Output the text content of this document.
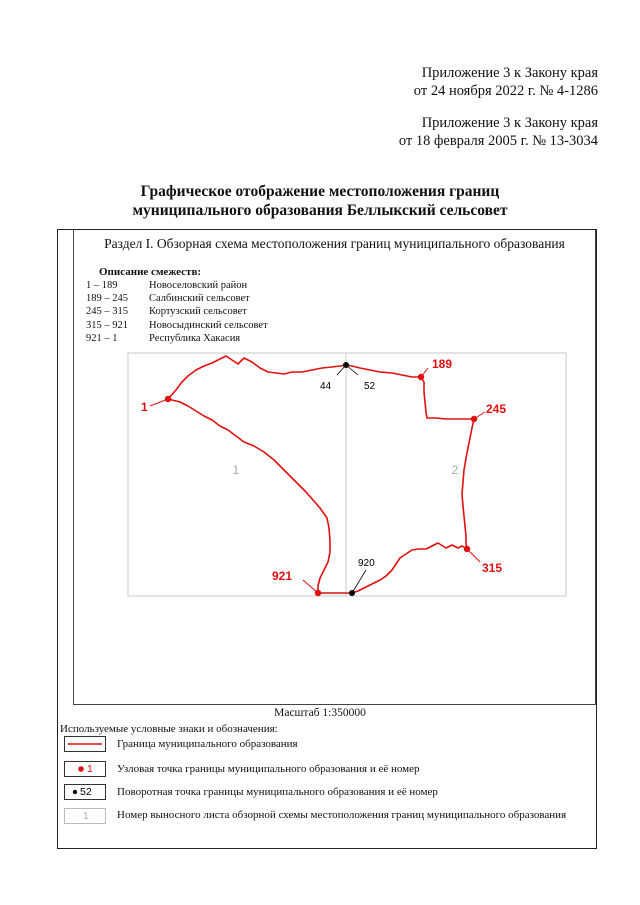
Приложение 3 к Закону края
от 24 ноября 2022 г. № 4-1286
Приложение 3 к Закону края
от 18 февраля 2005 г. № 13-3034
Графическое отображение местоположения границ
муниципального образования Беллыкский сельсовет
Раздел I. Обзорная схема местоположения границ муниципального образования
Описание смежеств:
1 – 189	Новоселовский район
189 – 245 Салбинский сельсовет
245 – 315 Кортузский сельсовет
315 – 921 Новосыдинский сельсовет
921 – 1	Республика Хакасия
1	2
1
189
245
315
921
44	52
920
Масштаб 1:350000
Используемые условные знаки и обозначения:
Граница муниципального образования
1 Узловая точка границы муниципального образования и её номер
52 Поворотная точка границы муниципального образования и её номер
1	Номер выносного листа обзорной схемы местоположения границ муниципального образования
